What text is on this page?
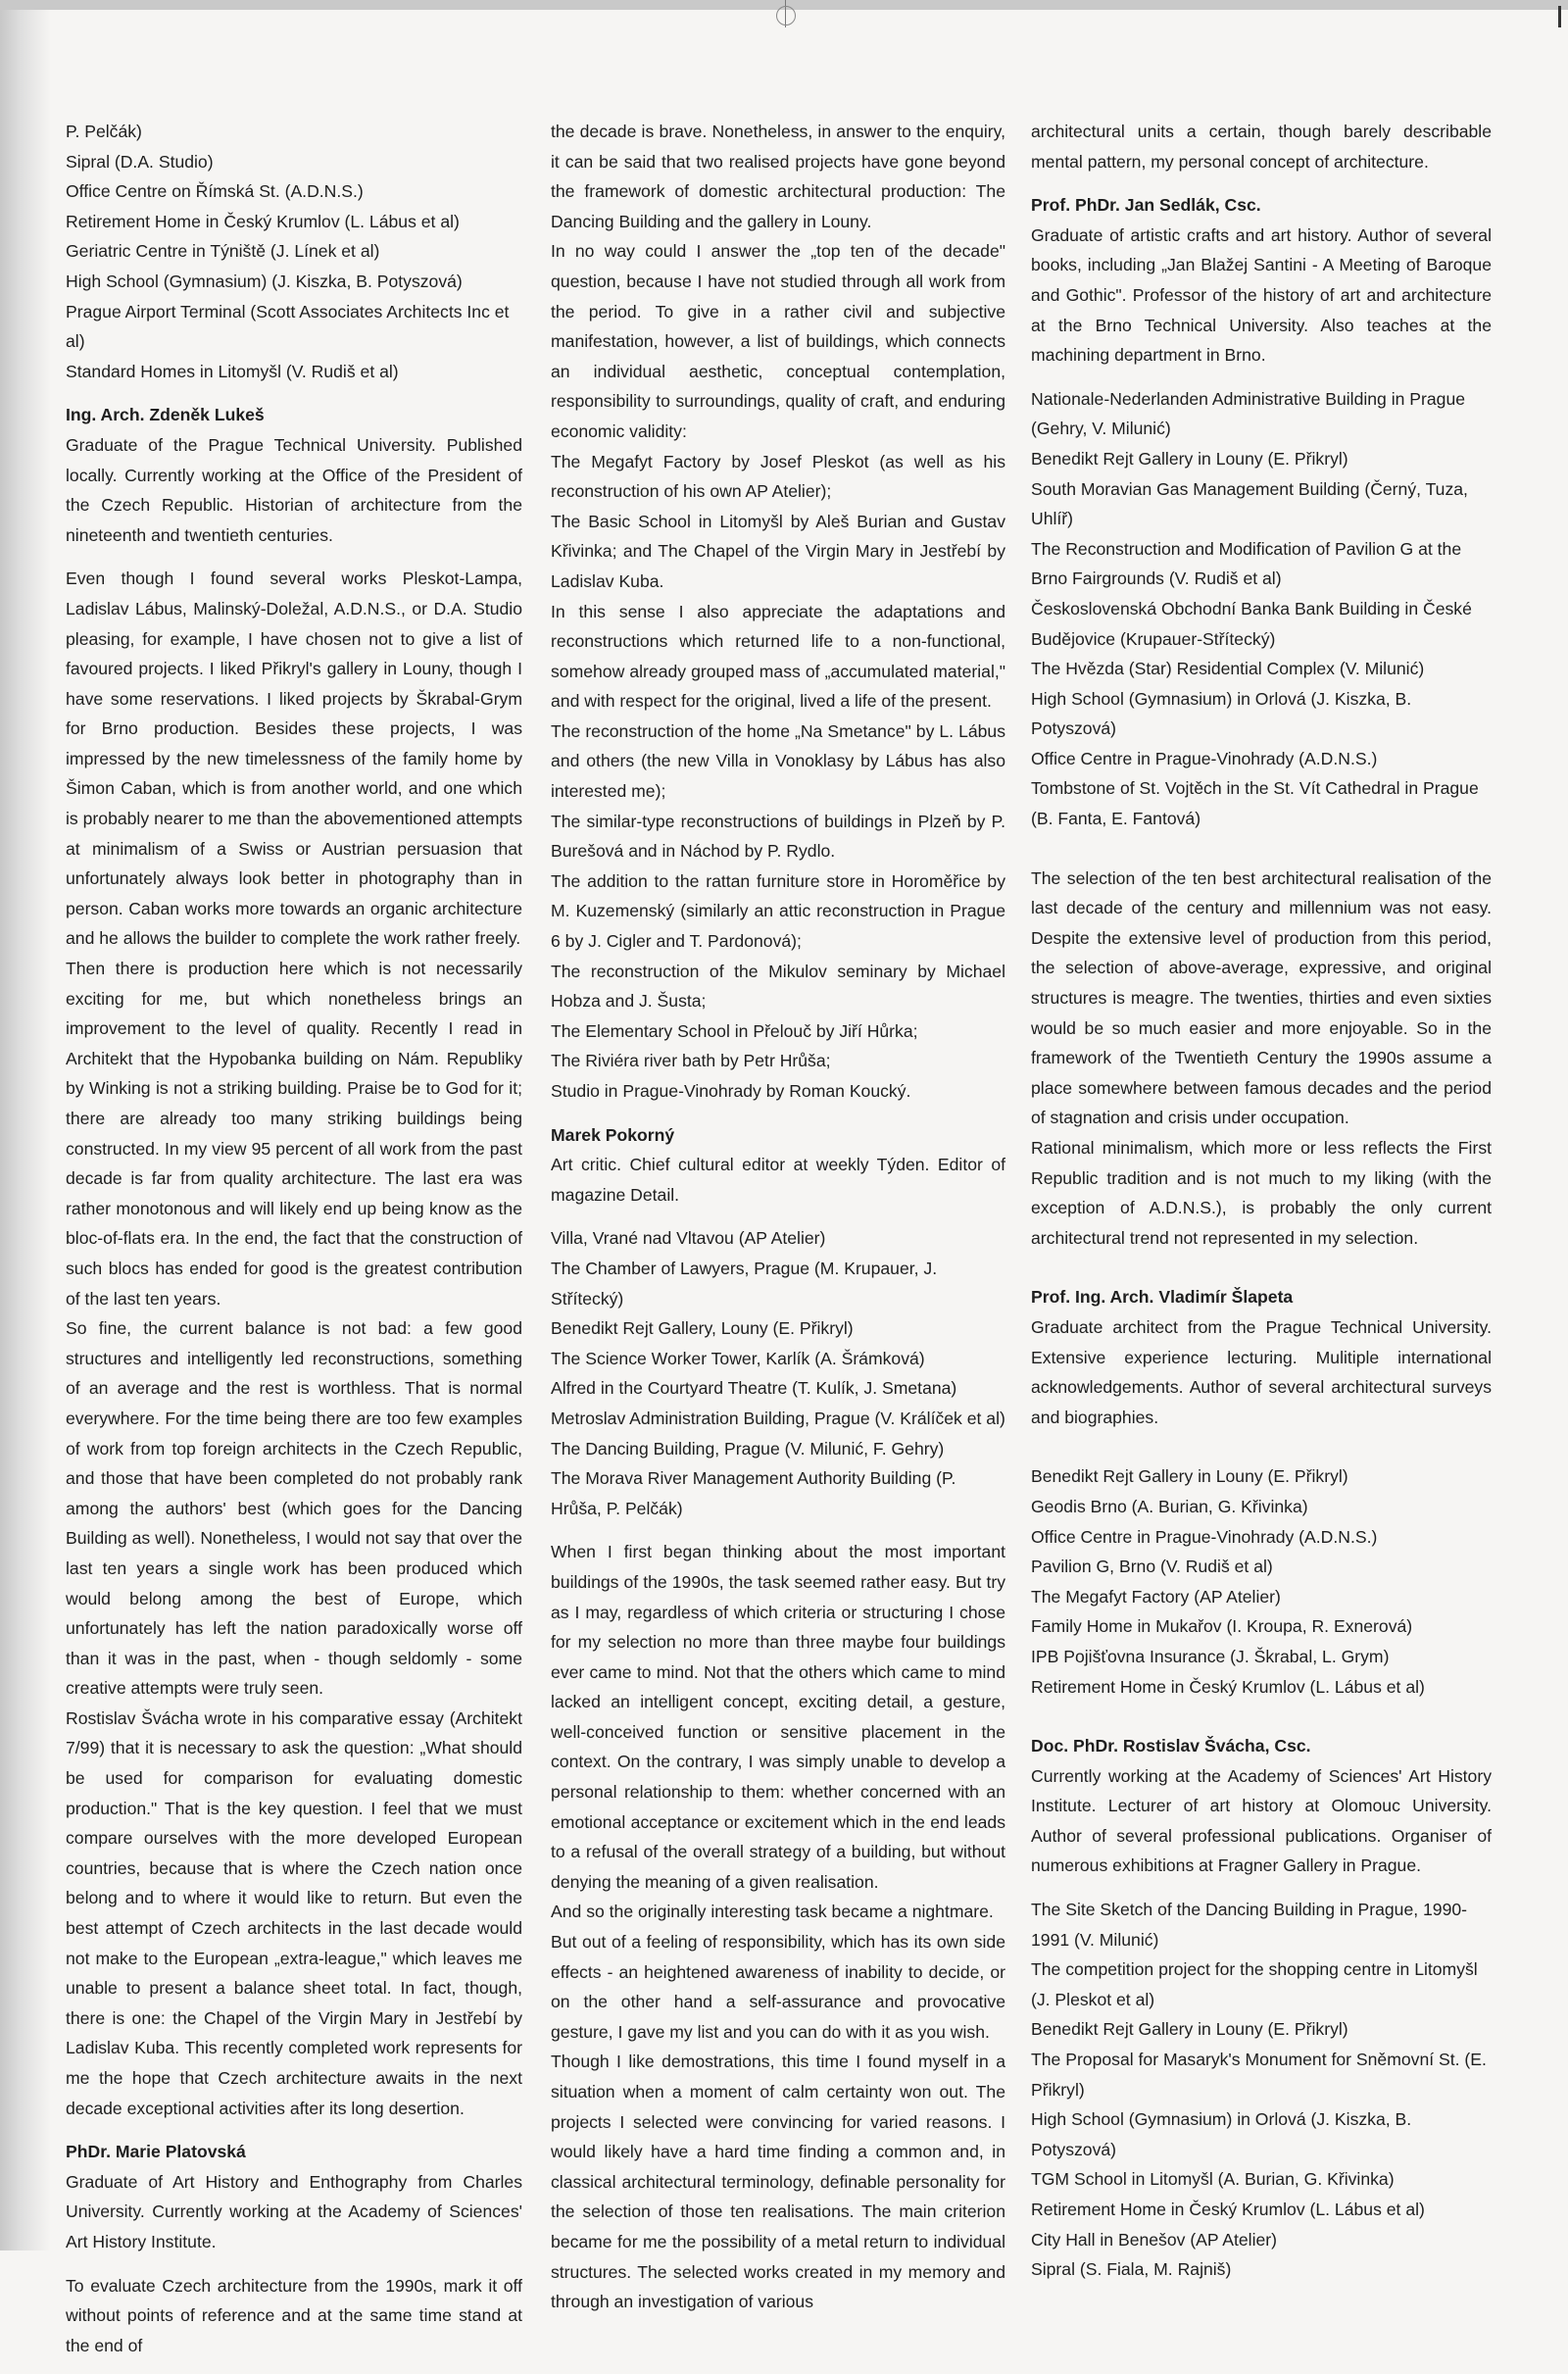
P. Pelčák)
Sipral (D.A. Studio)
Office Centre on Římská St. (A.D.N.S.)
Retirement Home in Český Krumlov (L. Lábus et al)
Geriatric Centre in Týniště (J. Línek et al)
High School (Gymnasium) (J. Kiszka, B. Potyszová)
Prague Airport Terminal (Scott Associates Architects Inc et al)
Standard Homes in Litomyšl (V. Rudiš et al)
Ing. Arch. Zdeněk Lukeš

Graduate of the Prague Technical University. Published locally. Currently working at the Office of the President of the Czech Republic. Historian of architecture from the nineteenth and twentieth centuries.

Even though I found several works Pleskot-Lampa, Ladislav Lábus, Malinský-Doležal, A.D.N.S., or D.A. Studio pleasing, for example, I have chosen not to give a list of favoured projects. I liked Přikryl's gallery in Louny, though I have some reservations. I liked projects by Škrabal-Grym for Brno production. Besides these projects, I was impressed by the new timelessness of the family home by Šimon Caban, which is from another world, and one which is probably nearer to me than the abovementioned attempts at minimalism of a Swiss or Austrian persuasion that unfortunately always look better in photography than in person. Caban works more towards an organic architecture and he allows the builder to complete the work rather freely.

Then there is production here which is not necessarily exciting for me, but which nonetheless brings an improvement to the level of quality. Recently I read in Architekt that the Hypobanka building on Nám. Republiky by Winking is not a striking building. Praise be to God for it; there are already too many striking buildings being constructed. In my view 95 percent of all work from the past decade is far from quality architecture. The last era was rather monotonous and will likely end up being know as the bloc-of-flats era. In the end, the fact that the construction of such blocs has ended for good is the greatest contribution of the last ten years.

So fine, the current balance is not bad: a few good structures and intelligently led reconstructions, something of an average and the rest is worthless. That is normal everywhere. For the time being there are too few examples of work from top foreign architects in the Czech Republic, and those that have been completed do not probably rank among the authors' best (which goes for the Dancing Building as well). Nonetheless, I would not say that over the last ten years a single work has been produced which would belong among the best of Europe, which unfortunately has left the nation paradoxically worse off than it was in the past, when - though seldomly - some creative attempts were truly seen.

Rostislav Švácha wrote in his comparative essay (Architekt 7/99) that it is necessary to ask the question: „What should be used for comparison for evaluating domestic production." That is the key question. I feel that we must compare ourselves with the more developed European countries, because that is where the Czech nation once belong and to where it would like to return. But even the best attempt of Czech architects in the last decade would not make to the European „extra-league," which leaves me unable to present a balance sheet total. In fact, though, there is one: the Chapel of the Virgin Mary in Jestřebí by Ladislav Kuba. This recently completed work represents for me the hope that Czech architecture awaits in the next decade exceptional activities after its long desertion.

PhDr. Marie Platovská

Graduate of Art History and Enthography from Charles University. Currently working at the Academy of Sciences' Art History Institute.

To evaluate Czech architecture from the 1990s, mark it off without points of reference and at the same time stand at the end of

the decade is brave. Nonetheless, in answer to the enquiry, it can be said that two realised projects have gone beyond the framework of domestic architectural production: The Dancing Building and the gallery in Louny.

In no way could I answer the „top ten of the decade" question, because I have not studied through all work from the period. To give in a rather civil and subjective manifestation, however, a list of buildings, which connects an individual aesthetic, conceptual contemplation, responsibility to surroundings, quality of craft, and enduring economic validity:

The Megafyt Factory by Josef Pleskot (as well as his reconstruction of his own AP Atelier);

The Basic School in Litomyšl by Aleš Burian and Gustav Křivinka; and The Chapel of the Virgin Mary in Jestřebí by Ladislav Kuba.

In this sense I also appreciate the adaptations and reconstructions which returned life to a non-functional, somehow already grouped mass of „accumulated material," and with respect for the original, lived a life of the present.

The reconstruction of the home „Na Smetance" by L. Lábus and others (the new Villa in Vonoklasy by Lábus has also interested me);

The similar-type reconstructions of buildings in Plzeň by P. Burešová and in Náchod by P. Rydlo.

The addition to the rattan furniture store in Horoměřice by M. Kuzemenský (similarly an attic reconstruction in Prague 6 by J. Cigler and T. Pardonová);

The reconstruction of the Mikulov seminary by Michael Hobza and J. Šusta;

The Elementary School in Přelouč by Jiří Hůrka;
The Riviéra river bath by Petr Hrůša;
Studio in Prague-Vinohrady by Roman Koucký.
Marek Pokorný

Art critic. Chief cultural editor at weekly Týden. Editor of magazine Detail.

Villa, Vrané nad Vltavou (AP Atelier)
The Chamber of Lawyers, Prague (M. Krupauer, J. Střítecký)
Benedikt Rejt Gallery, Louny (E. Přikryl)
The Science Worker Tower, Karlík (A. Šrámková)
Alfred in the Courtyard Theatre (T. Kulík, J. Smetana)
Metroslav Administration Building, Prague (V. Králíček et al)
The Dancing Building, Prague (V. Milunić, F. Gehry)
The Morava River Management Authority Building (P. Hrůša, P. Pelčák)

When I first began thinking about the most important buildings of the 1990s, the task seemed rather easy. But try as I may, regardless of which criteria or structuring I chose for my selection no more than three maybe four buildings ever came to mind. Not that the others which came to mind lacked an intelligent concept, exciting detail, a gesture, well-conceived function or sensitive placement in the context. On the contrary, I was simply unable to develop a personal relationship to them: whether concerned with an emotional acceptance or excitement which in the end leads to a refusal of the overall strategy of a building, but without denying the meaning of a given realisation.

And so the originally interesting task became a nightmare.

But out of a feeling of responsibility, which has its own side effects - an heightened awareness of inability to decide, or on the other hand a self-assurance and provocative gesture, I gave my list and you can do with it as you wish.

Though I like demostrations, this time I found myself in a situation when a moment of calm certainty won out. The projects I selected were convincing for varied reasons. I would likely have a hard time finding a common and, in classical architectural terminology, definable personality for the selection of those ten realisations. The main criterion became for me the possibility of a metal return to individual structures. The selected works created in my memory and through an investigation of various

architectural units a certain, though barely describable mental pattern, my personal concept of architecture.

Prof. PhDr. Jan Sedlák, Csc.

Graduate of artistic crafts and art history. Author of several books, including „Jan Blažej Santini - A Meeting of Baroque and Gothic". Professor of the history of art and architecture at the Brno Technical University. Also teaches at the machining department in Brno.

Nationale-Nederlanden Administrative Building in Prague (Gehry, V. Milunić)
Benedikt Rejt Gallery in Louny (E. Přikryl)
South Moravian Gas Management Building (Černý, Tuza, Uhlíř)
The Reconstruction and Modification of Pavilion G at the Brno Fairgrounds (V. Rudiš et al)
Československá Obchodní Banka Bank Building in České Budějovice (Krupauer-Střítecký)
The Hvězda (Star) Residential Complex (V. Milunić)
High School (Gymnasium) in Orlová (J. Kiszka, B. Potyszová)
Office Centre in Prague-Vinohrady (A.D.N.S.)
Tombstone of St. Vojtěch in the St. Vít Cathedral in Prague (B. Fanta, E. Fantová)

The selection of the ten best architectural realisation of the last decade of the century and millennium was not easy. Despite the extensive level of production from this period, the selection of above-average, expressive, and original structures is meagre. The twenties, thirties and even sixties would be so much easier and more enjoyable. So in the framework of the Twentieth Century the 1990s assume a place somewhere between famous decades and the period of stagnation and crisis under occupation.

Rational minimalism, which more or less reflects the First Republic tradition and is not much to my liking (with the exception of A.D.N.S.), is probably the only current architectural trend not represented in my selection.

Prof. Ing. Arch. Vladimír Šlapeta

Graduate architect from the Prague Technical University. Extensive experience lecturing. Mulitiple international acknowledgements. Author of several architectural surveys and biographies.

Benedikt Rejt Gallery in Louny (E. Přikryl)
Geodis Brno (A. Burian, G. Křivinka)
Office Centre in Prague-Vinohrady (A.D.N.S.)
Pavilion G, Brno (V. Rudiš et al)
The Megafyt Factory (AP Atelier)
Family Home in Mukařov (I. Kroupa, R. Exnerová)
IPB Pojišťovna Insurance (J. Škrabal, L. Grym)
Retirement Home in Český Krumlov (L. Lábus et al)
Doc. PhDr. Rostislav Švácha, Csc.

Currently working at the Academy of Sciences' Art History Institute. Lecturer of art history at Olomouc University. Author of several professional publications. Organiser of numerous exhibitions at Fragner Gallery in Prague.

The Site Sketch of the Dancing Building in Prague, 1990-1991 (V. Milunić)
The competition project for the shopping centre in Litomyšl (J. Pleskot et al)
Benedikt Rejt Gallery in Louny (E. Přikryl)
The Proposal for Masaryk's Monument for Sněmovní St. (E. Přikryl)
High School (Gymnasium) in Orlová (J. Kiszka, B. Potyszová)
TGM School in Litomyšl (A. Burian, G. Křivinka)
Retirement Home in Český Krumlov (L. Lábus et al)
City Hall in Benešov (AP Atelier)
Sipral (S. Fiala, M. Rajniš)
